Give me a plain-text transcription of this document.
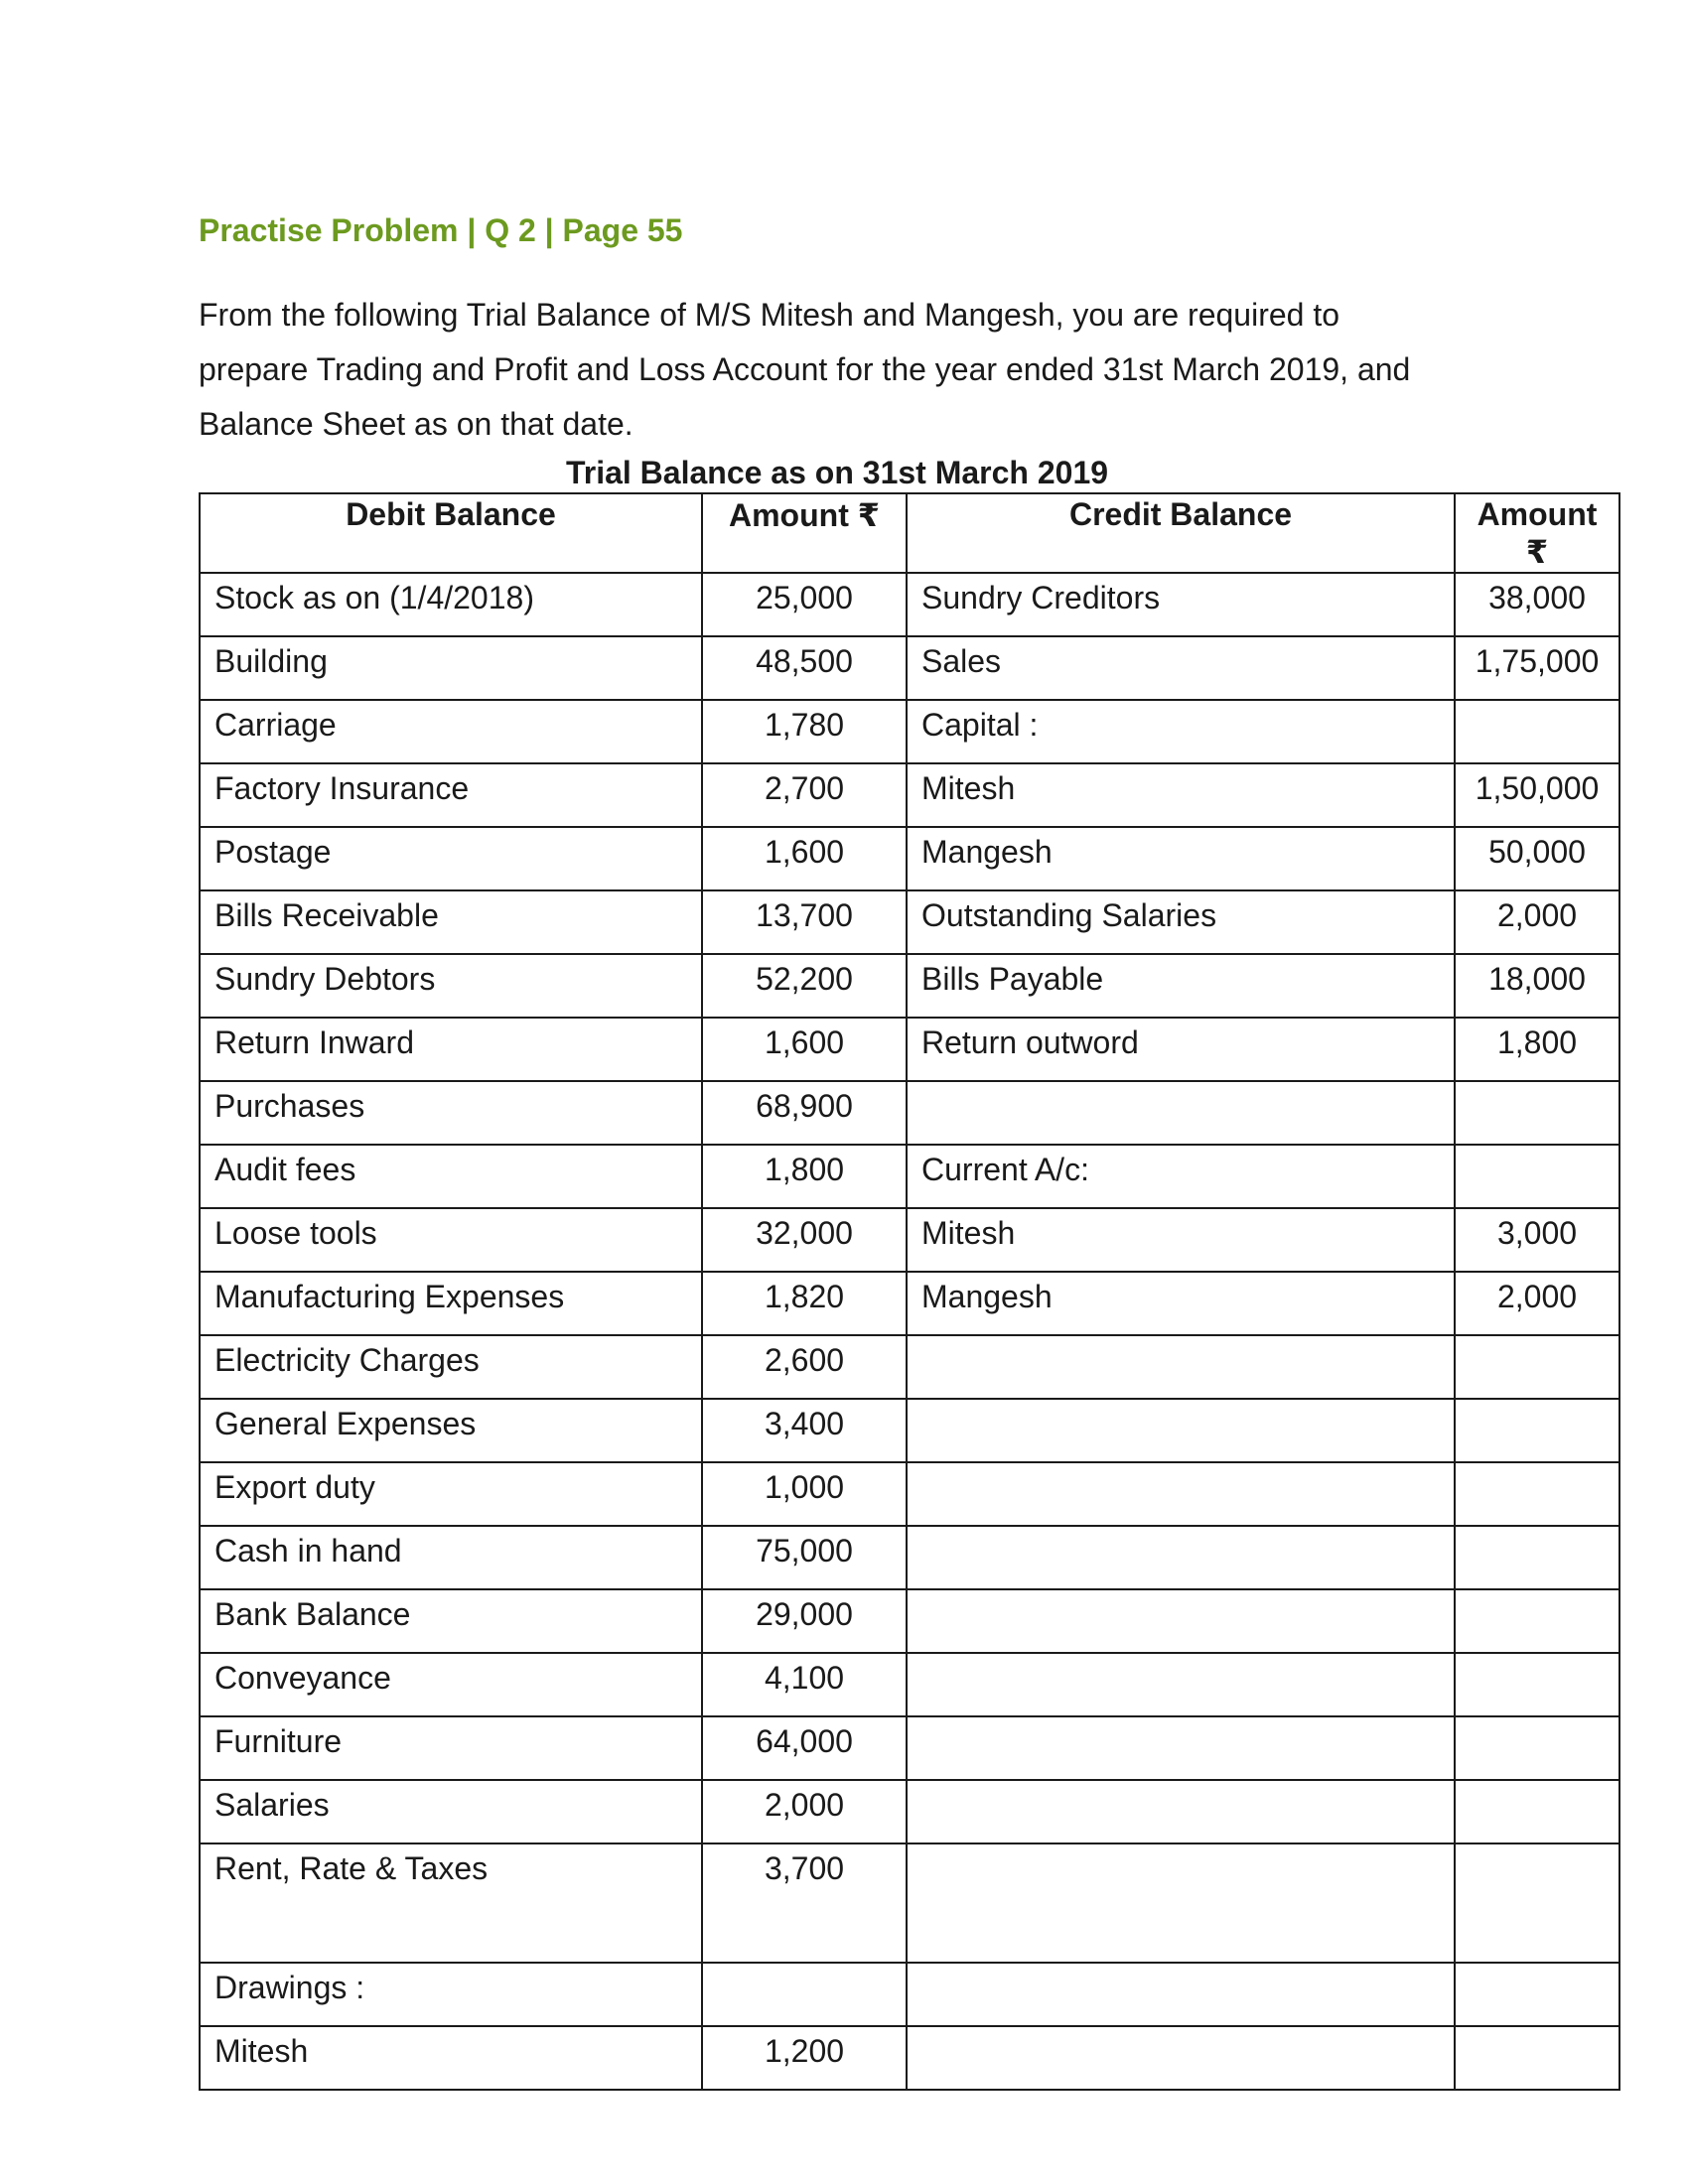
Practise Problem | Q 2 | Page 55
From the following Trial Balance of M/S Mitesh and Mangesh, you are required to
prepare Trading and Profit and Loss Account for the year ended 31st March 2019, and
Balance Sheet as on that date.
Trial Balance as on 31st March 2019
Debit Balance	Amount ₹	Credit Balance	Amount
₹

Stock as on (1/4/2018)	25,000	Sundry Creditors	38,000
Building	48,500	Sales	1,75,000
Carriage	1,780	Capital :	
Factory Insurance	2,700	Mitesh	1,50,000
Postage	1,600	Mangesh	50,000
Bills Receivable	13,700	Outstanding Salaries	2,000
Sundry Debtors	52,200	Bills Payable	18,000
Return Inward	1,600	Return outword	1,800
Purchases	68,900		
Audit fees	1,800	Current A/c:	
Loose tools	32,000	Mitesh	3,000
Manufacturing Expenses	1,820	Mangesh	2,000
Electricity Charges	2,600		
General Expenses	3,400		
Export duty	1,000		
Cash in hand	75,000		
Bank Balance	29,000		
Conveyance	4,100		
Furniture	64,000		
Salaries	2,000		
Rent, Rate & Taxes	3,700		
Drawings :			
Mitesh	1,200		
